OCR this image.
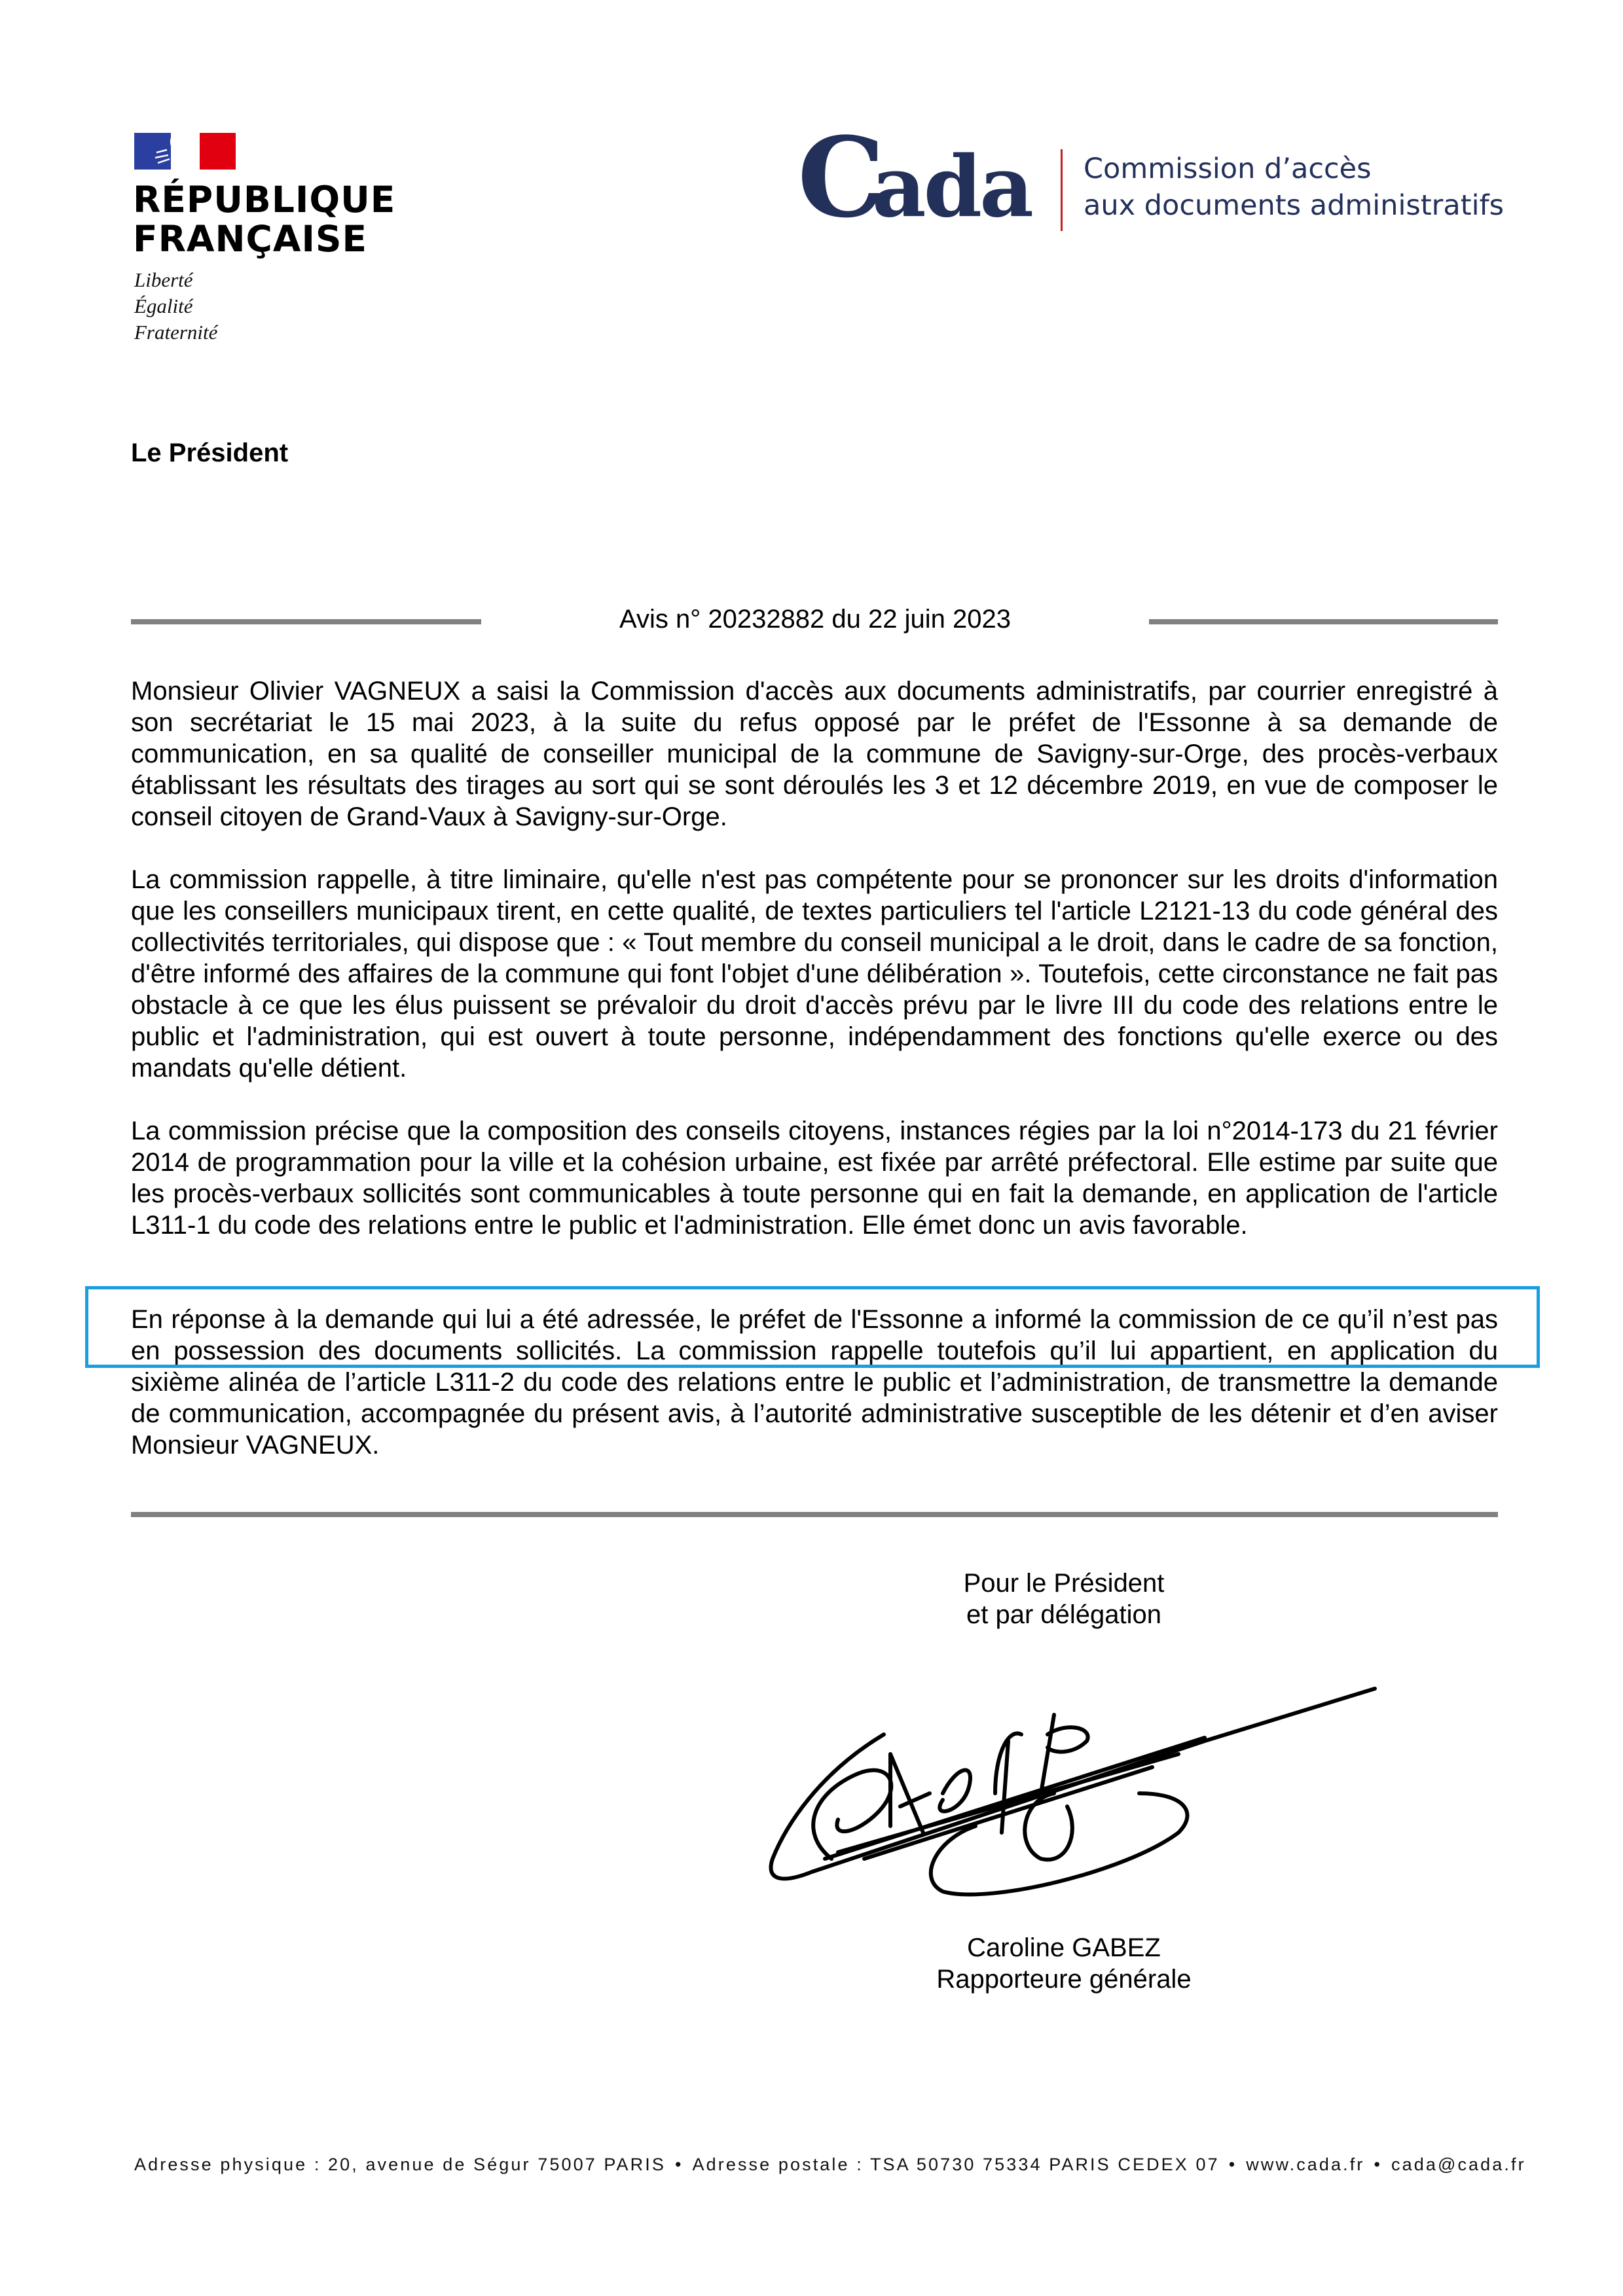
RÉPUBLIQUE
FRANÇAISE
Liberté
Égalité
Fraternité
Cada Commission d’accès
aux documents administratifs
Le Président
Avis n° 20232882 du 22 juin 2023
Monsieur Olivier VAGNEUX a saisi la Commission d'accès aux documents administratifs, par courrier enregistré à son secrétariat le 15 mai 2023, à la suite du refus opposé par le préfet de l'Essonne à sa demande de communication, en sa qualité de conseiller municipal de la commune de Savigny-sur-Orge, des procès-verbaux établissant les résultats des tirages au sort qui se sont déroulés les 3 et 12 décembre 2019, en vue de composer le conseil citoyen de Grand-Vaux à Savigny-sur-Orge.
La commission rappelle, à titre liminaire, qu'elle n'est pas compétente pour se prononcer sur les droits d'information que les conseillers municipaux tirent, en cette qualité, de textes particuliers tel l'article L2121-13 du code général des collectivités territoriales, qui dispose que : « Tout membre du conseil municipal a le droit, dans le cadre de sa fonction, d'être informé des affaires de la commune qui font l'objet d'une délibération ». Toutefois, cette circonstance ne fait pas obstacle à ce que les élus puissent se prévaloir du droit d'accès prévu par le livre III du code des relations entre le public et l'administration, qui est ouvert à toute personne, indépendamment des fonctions qu'elle exerce ou des mandats qu'elle détient.
La commission précise que la composition des conseils citoyens, instances régies par la loi n°2014-173 du 21 février 2014 de programmation pour la ville et la cohésion urbaine, est fixée par arrêté préfectoral. Elle estime par suite que les procès-verbaux sollicités sont communicables à toute personne qui en fait la demande, en application de l'article L311-1 du code des relations entre le public et l'administration. Elle émet donc un avis favorable.
En réponse à la demande qui lui a été adressée, le préfet de l'Essonne a informé la commission de ce qu’il n’est pas en possession des documents sollicités. La commission rappelle toutefois qu’il lui appartient, en application du sixième alinéa de l’article L311-2 du code des relations entre le public et l’administration, de transmettre la demande de communication, accompagnée du présent avis, à l’autorité administrative susceptible de les détenir et d’en aviser Monsieur VAGNEUX.
Pour le Président
et par délégation
Caroline GABEZ
Rapporteure générale
Adresse physique : 20, avenue de Ségur 75007 PARIS • Adresse postale : TSA 50730 75334 PARIS CEDEX 07 • www.cada.fr • cada@cada.fr
